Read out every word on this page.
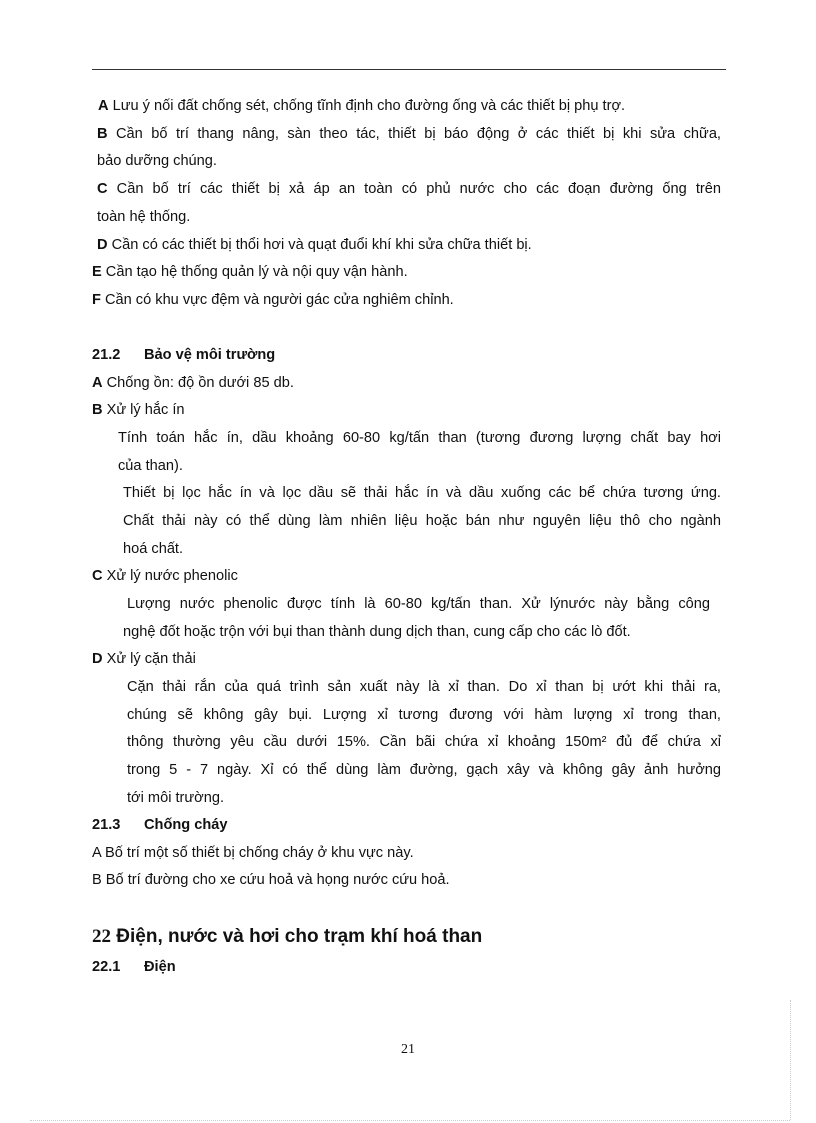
A Lưu ý nối đất chống sét, chống tĩnh định cho đường ống và các thiết bị phụ trợ.
B Cần bố trí thang nâng, sàn theo tác, thiết bị báo động ở các thiết bị khi sửa chữa,
bảo dưỡng chúng.
C Cần bố trí các thiết bị xả áp an toàn có phủ nước cho các đoạn đường ống trên
toàn hệ thống.
D Cần có các thiết bị thổi hơi và quạt đuổi khí khi sửa chữa thiết bị.
E Cần tạo hệ thống quản lý và nội quy vận hành.
F Cần có khu vực đệm và người gác cửa nghiêm chỉnh.
21.2 Bảo vệ môi trường
A Chống ồn: độ ồn dưới 85 db.
B Xử lý hắc ín
Tính toán hắc ín, dầu khoảng 60-80 kg/tấn than (tương đương lượng chất bay hơi
của than).
Thiết bị lọc hắc ín và lọc dầu sẽ thải hắc ín và dầu xuống các bể chứa tương ứng.
Chất thải này có thể dùng làm nhiên liệu hoặc bán như nguyên liệu thô cho ngành
hoá chất.
C Xử lý nước phenolic
Lượng nước phenolic được tính là 60-80 kg/tấn than. Xử lýnước này bằng công
nghệ đốt hoặc trộn với bụi than thành dung dịch than, cung cấp cho các lò đốt.
D Xử lý cặn thải
Cặn thải rắn của quá trình sản xuất này là xỉ than. Do xỉ than bị ướt khi thải ra,
chúng sẽ không gây bụi. Lượng xỉ tương đương với hàm lượng xỉ trong than,
thông thường yêu cầu dưới 15%. Cần bãi chứa xỉ khoảng 150m² đủ để chứa xỉ
trong 5 - 7 ngày. Xỉ có thể dùng làm đường, gạch xây và không gây ảnh hưởng
tới môi trường.
21.3 Chống cháy
A Bố trí một số thiết bị chống cháy ở khu vực này.
B Bố trí đường cho xe cứu hoả và họng nước cứu hoả.
22 Điện, nước và hơi cho trạm khí hoá than
22.1 Điện
21
